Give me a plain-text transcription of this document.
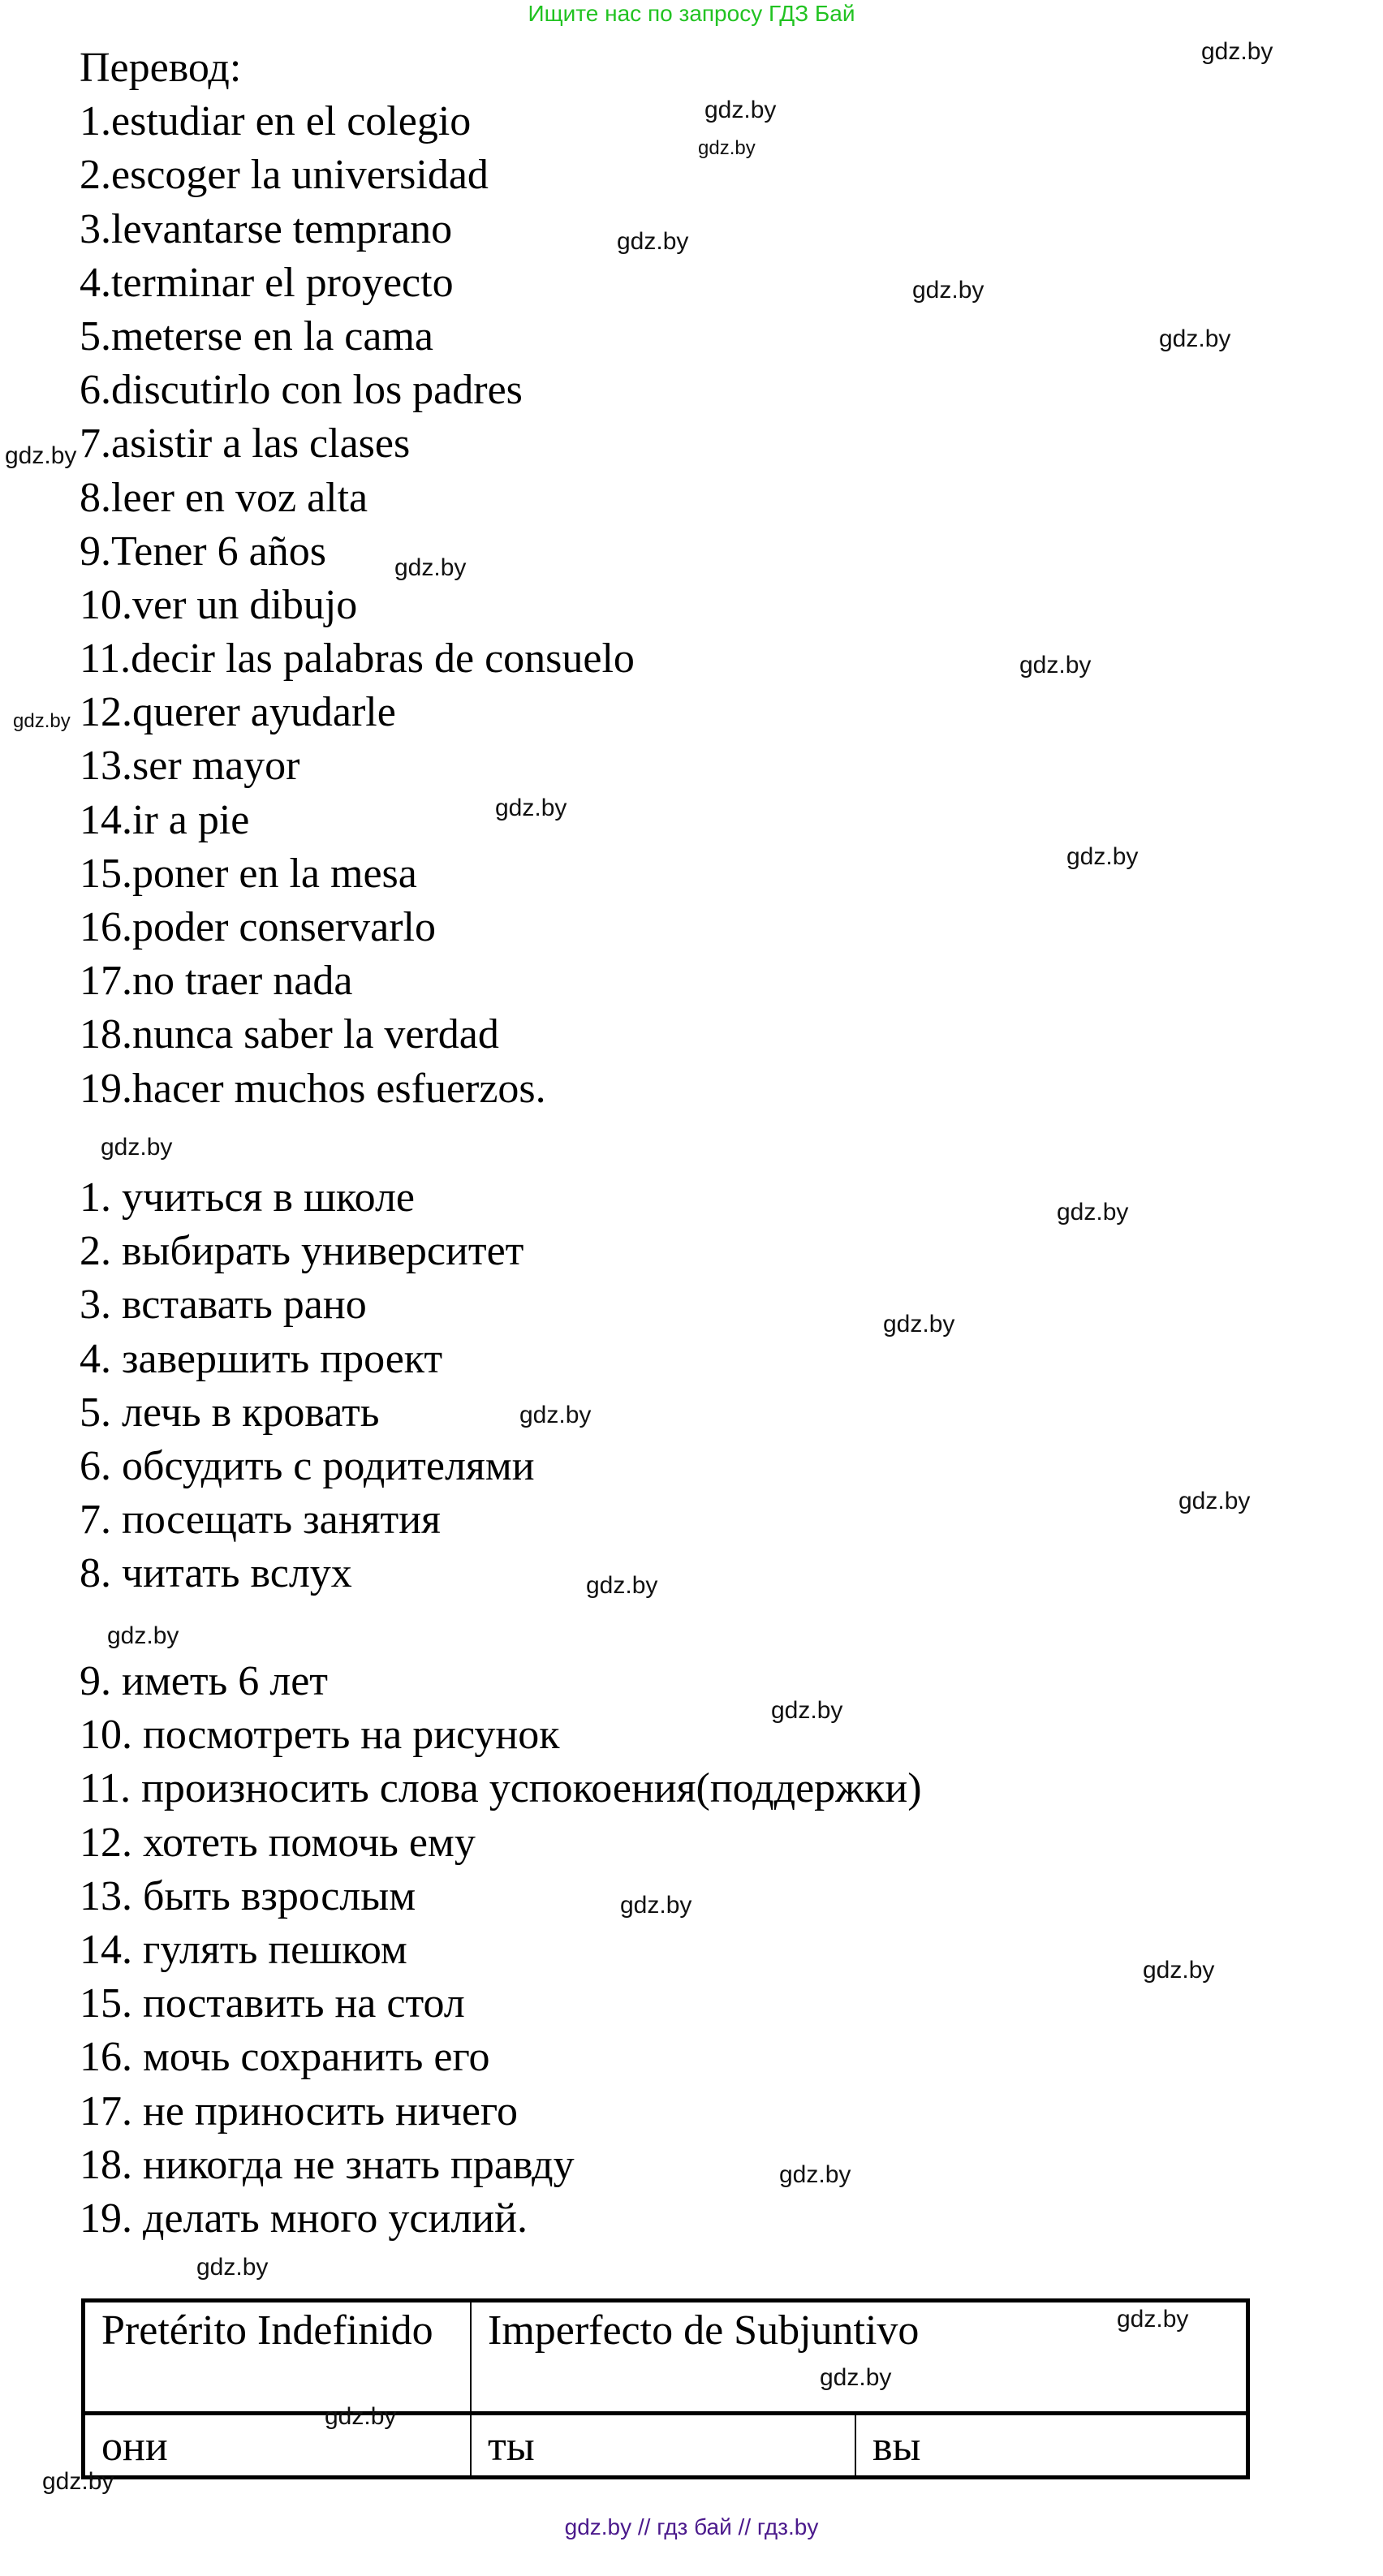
Ищите нас по запросу ГДЗ Бай
Перевод:
1.estudiar en el colegio
2.escoger la universidad
3.levantarse temprano
4.terminar el proyecto
5.meterse en la cama
6.discutirlo con los padres
7.asistir a las clases
8.leer en voz alta
9.Tener 6 años
10.ver un dibujo
11.decir las palabras de consuelo
12.querer ayudarle
13.ser mayor
14.ir a pie
15.poner en la mesa
16.poder conservarlo
17.no traer nada
18.nunca saber la verdad
19.hacer muchos esfuerzos.
1. учиться в школе
2. выбирать университет
3. вставать рано
4. завершить проект
5. лечь в кровать
6. обсудить с родителями
7. посещать занятия
8. читать вслух
9. иметь 6 лет
10. посмотреть на рисунок
11. произносить слова успокоения(поддержки)
12. хотеть помочь ему
13. быть взрослым
14. гулять пешком
15. поставить на стол
16. мочь сохранить его
17. не приносить ничего
18. никогда не знать правду
19. делать много усилий.
Pretérito Indefinido	Imperfecto de Subjuntivo	
они	ты	вы
gdz.by
gdz.by
gdz.by
gdz.by
gdz.by
gdz.by
gdz.by
gdz.by
gdz.by
gdz.by
gdz.by
gdz.by
gdz.by
gdz.by
gdz.by
gdz.by
gdz.by
gdz.by
gdz.by
gdz.by
gdz.by
gdz.by
gdz.by
gdz.by
gdz.by
gdz.by
gdz.by
gdz.by
gdz.by // гдз бай // гдз.by
